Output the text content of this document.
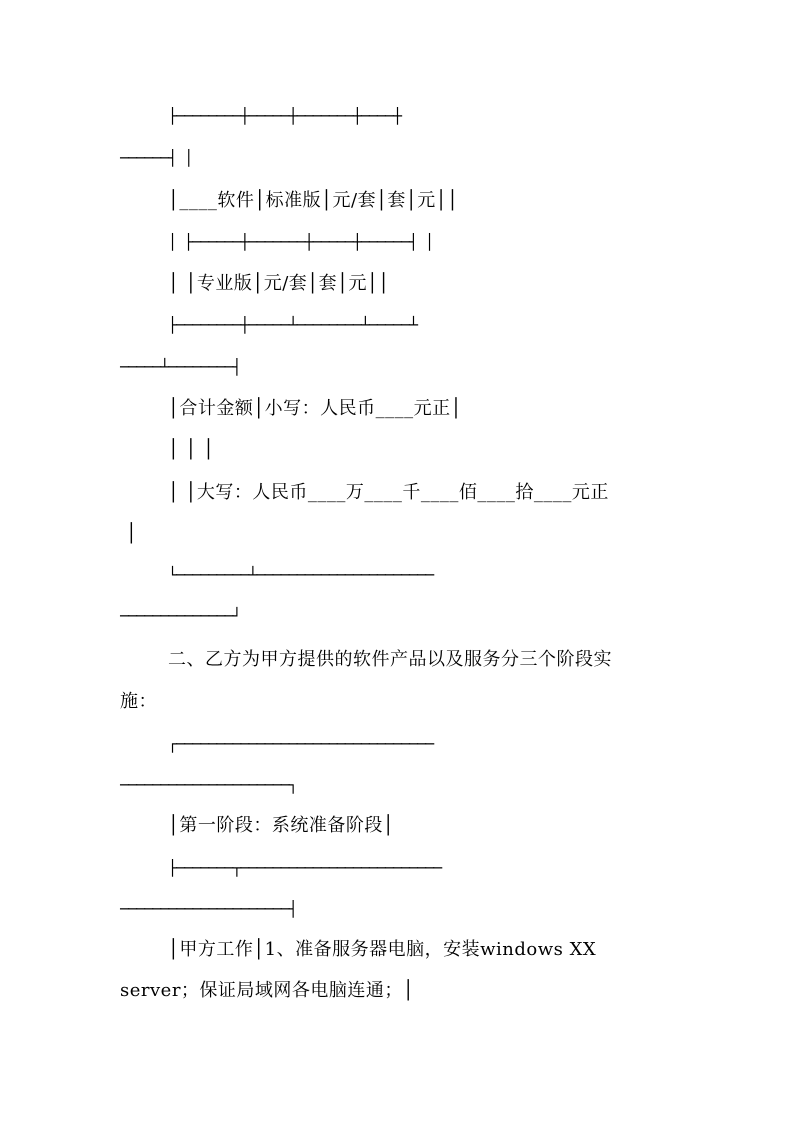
├────────┼─────┼───────┼────┼
──────┤ │
│____软件│标准版│元/套│套│元││
│ ├──────┼───────┼─────┼──────┤ │
│ │专业版│元/套│套│元││
├────────┼─────┴────────┴─────┴
─────┴────────┤
│合计金额│小写：人民币____元正│
│ │ │
│ │大写：人民币____万____千____佰____拾____元正
│
└─────────┴──────────────────────
──────────────┘
二、乙方为甲方提供的软件产品以及服务分三个阶段实
施：
┌────────────────────────────────
─────────────────────┐
│第一阶段：系统准备阶段│
├───────┬─────────────────────────
─────────────────────┤
│甲方工作│1、准备服务器电脑，安装windows XX
server；保证局域网各电脑连通；│
